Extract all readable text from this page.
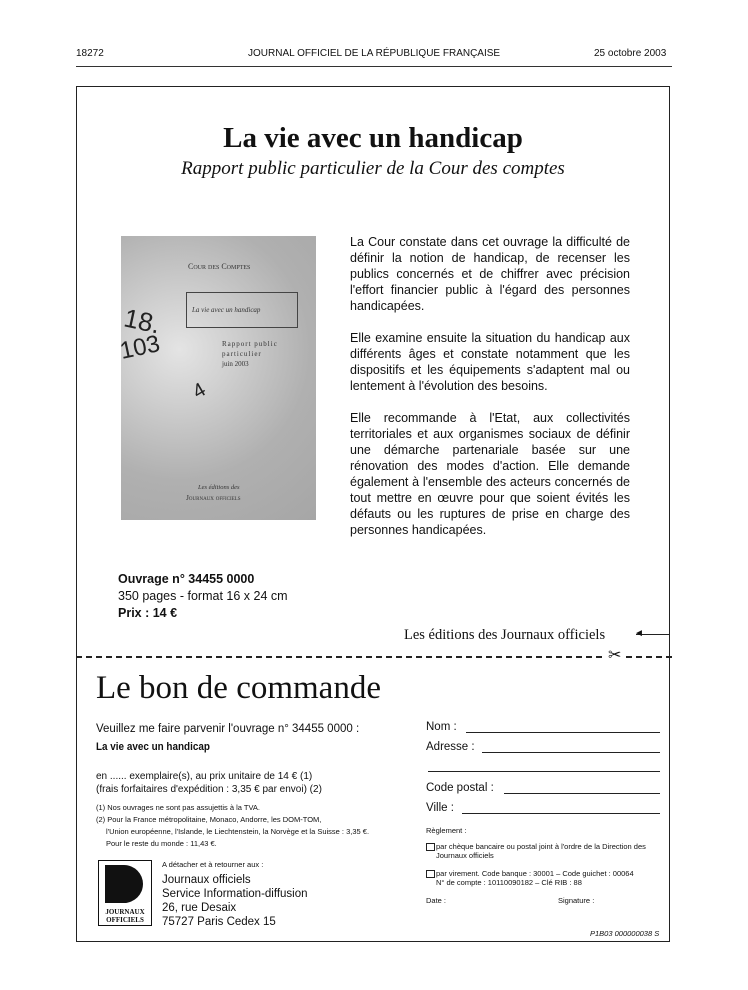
18272	JOURNAL OFFICIEL DE LA RÉPUBLIQUE FRANÇAISE	25 octobre 2003
La vie avec un handicap
Rapport public particulier de la Cour des comptes
Cour des Comptes
La vie avec un handicap
Rapport public
particulier
juin 2003
18.
103
4
Les éditions des
Journaux officiels

La Cour constate dans cet ouvrage la difficulté de définir la notion de handicap, de recenser les publics concernés et de chiffrer avec précision l'effort financier public à l'égard des personnes handicapées.

Elle examine ensuite la situation du handicap aux différents âges et constate notamment que les dispositifs et les équipements s'adaptent mal ou lentement à l'évolution des besoins.

Elle recommande à l'Etat, aux collectivités territoriales et aux organismes sociaux de définir une démarche partenariale basée sur une rénovation des modes d'action. Elle demande également à l'ensemble des acteurs concernés de tout mettre en œuvre pour que soient évités les défauts ou les ruptures de prise en charge des personnes handicapées.

Ouvrage n° 34455 0000
350 pages - format 16 x 24 cm
Prix : 14 €
Les éditions des Journaux officiels	◄
✂
Le bon de commande
Veuillez me faire parvenir l'ouvrage n° 34455 0000 :
La vie avec un handicap
en ...... exemplaire(s), au prix unitaire de 14 € (1)
(frais forfaitaires d'expédition : 3,35 € par envoi) (2)
(1) Nos ouvrages ne sont pas assujettis à la TVA.
(2) Pour la France métropolitaine, Monaco, Andorre, les DOM-TOM,
l'Union européenne, l'Islande, le Liechtenstein, la Norvège et la Suisse : 3,35 €.
Pour le reste du monde : 11,43 €.
A détacher et à retourner aux :
JOURNAUX
OFFICIELS
Journaux officiels
Service Information-diffusion
26, rue Desaix
75727 Paris Cedex 15
Nom :
Adresse :
Code postal :
Ville :
Règlement :
par chèque bancaire ou postal joint à l'ordre de la Direction des Journaux officiels
par virement. Code banque : 30001 – Code guichet : 00064
N° de compte : 10110090182 – Clé RIB : 88
Date :	Signature :
P1B03 000000038 S
